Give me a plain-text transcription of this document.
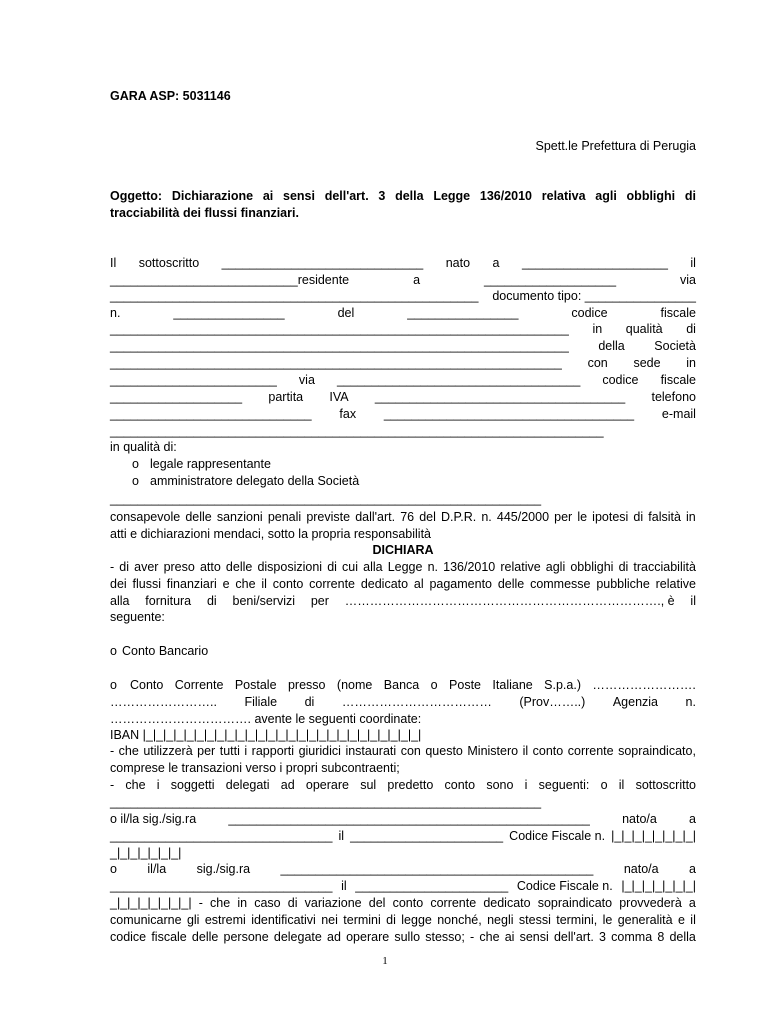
GARA ASP: 5031146
Spett.le Prefettura di Perugia
Oggetto: Dichiarazione ai sensi dell'art. 3 della Legge 136/2010 relativa agli obblighi di
tracciabilità dei flussi finanziari.
Il sottoscritto _____________________________ nato a _____________________ il
___________________________residente	a	___________________	via
_____________________________________________________ documento tipo: ________________
n.	________________	del	________________	codice	fiscale
__________________________________________________________________ in qualità di
__________________________________________________________________ della Società
_________________________________________________________________ con sede in
________________________ via ___________________________________ codice fiscale
___________________ partita IVA ____________________________________ telefono
_____________________________ fax ____________________________________ e-mail
_______________________________________________________________________
in qualità di:
o legale rappresentante
o amministratore delegato della Società
______________________________________________________________
consapevole delle sanzioni penali previste dall'art. 76 del D.P.R. n. 445/2000 per le ipotesi di falsità in
atti e dichiarazioni mendaci, sotto la propria responsabilità
DICHIARA
- di aver preso atto delle disposizioni di cui alla Legge n. 136/2010 relative agli obblighi di tracciabilità
dei flussi finanziari e che il conto corrente dedicato al pagamento delle commesse pubbliche relative
alla fornitura di beni/servizi per …………………………………………………………………., è il
seguente:
o Conto Bancario
o Conto Corrente Postale presso (nome Banca o Poste Italiane S.p.a.) …………………….
…………………….. Filiale di ……………………………… (Prov……..) Agenzia n.
……………………………. avente le seguenti coordinate:
IBAN |_|_|_|_|_|_|_|_|_|_|_|_|_|_|_|_|_|_|_|_|_|_|_|_|_|_|_|
- che utilizzerà per tutti i rapporti giuridici instaurati con questo Ministero il conto corrente sopraindicato,
comprese le transazioni verso i propri subcontraenti;
- che i soggetti delegati ad operare sul predetto conto sono i seguenti: o il sottoscritto
______________________________________________________________
o il/la sig./sig.ra	____________________________________________________	nato/a	a
________________________________ il ______________________ Codice Fiscale n. |_|_|_|_|_|_|_|_|
_|_|_|_|_|_|_|
o il/la sig./sig.ra _____________________________________________ nato/a a
________________________________ il ______________________ Codice Fiscale n. |_|_|_|_|_|_|_|
_|_|_|_|_|_|_|_| - che in caso di variazione del conto corrente dedicato sopraindicato provvederà a
comunicarne gli estremi identificativi nei termini di legge nonché, negli stessi termini, le generalità e il
codice fiscale delle persone delegate ad operare sullo stesso; - che ai sensi dell'art. 3 comma 8 della
1
